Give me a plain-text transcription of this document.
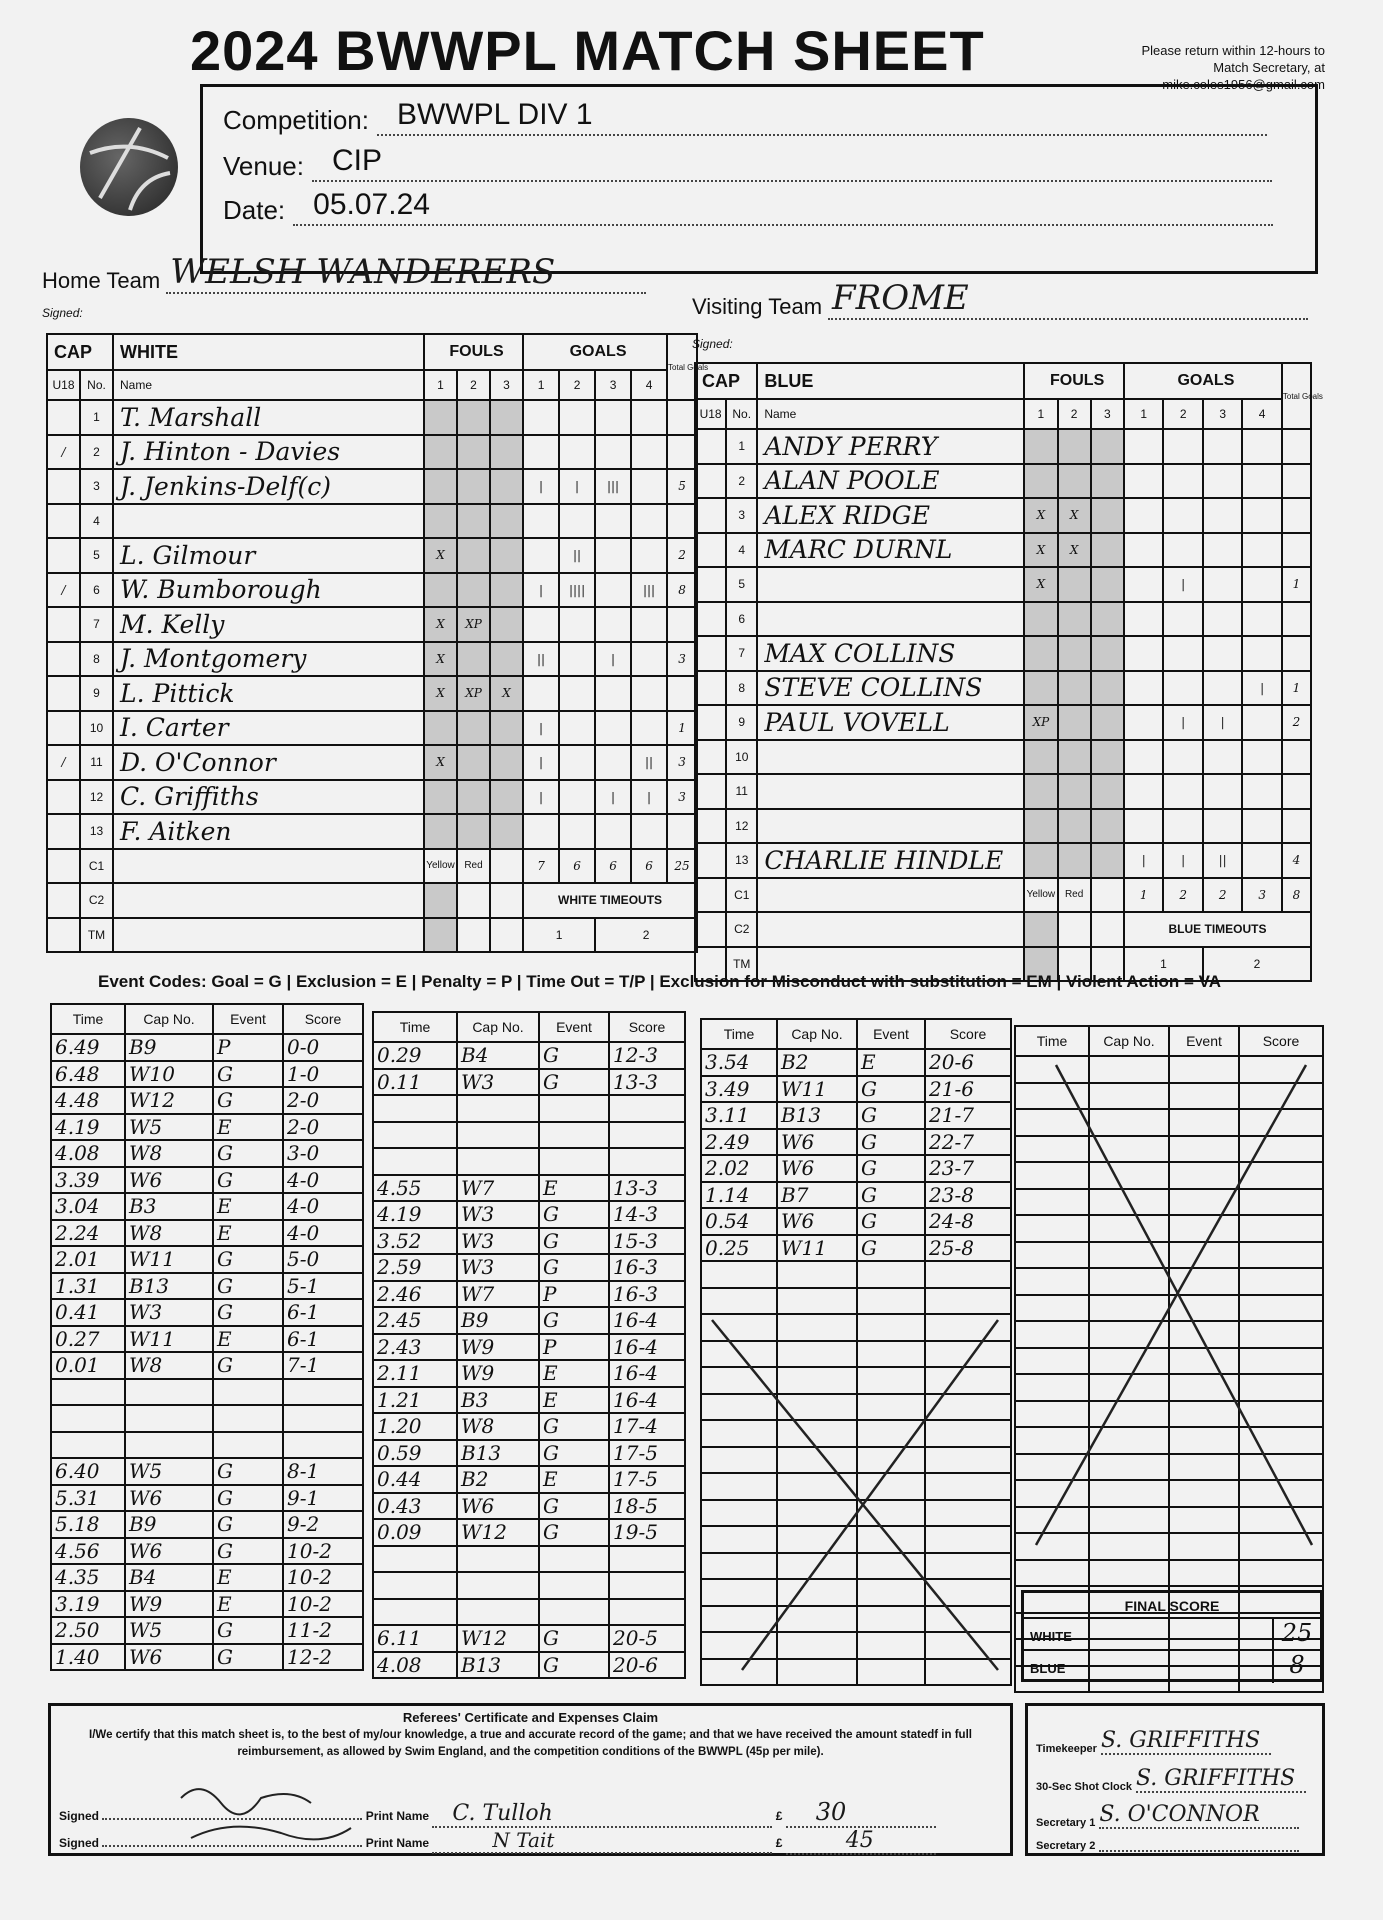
2024 BWWPL MATCH SHEET	Please return within 12-hours to Match Secretary, at mike.coles1956@gmail.com
Competition: BWWPL DIV 1
Venue: CIP
Date: 05.07.24
Home Team WELSH WANDERERS
Signed:	Visiting Team FROME
Signed:
CAP		WHITE	FOULS			GOALS				Total Goals
U18	No.	Name	1	2	3	1	2	3	4	
	1	T. Marshall								
/	2	J. Hinton - Davies								
	3	J. Jenkins-Delf(c)				|	|	|||		5
	4									
	5	L. Gilmour	X				||			2
/	6	W. Bumborough				|	||||		|||	8
	7	M. Kelly	X	XP						
	8	J. Montgomery	X			||		|		3
	9	L. Pittick	X	XP	X					
	10	I. Carter				|				1
/	11	D. O'Connor	X			|			||	3
	12	C. Griffiths				|		|	|	3
	13	F. Aitken								
	C1		Yellow	Red		7	6	6	6	25
	C2					WHITE TIMEOUTS				
	TM					1		2		
CAP		BLUE	FOULS			GOALS				Total Goals
U18	No.	Name	1	2	3	1	2	3	4	
	1	ANDY PERRY								
	2	ALAN POOLE								
	3	ALEX RIDGE	X	X						
	4	MARC DURNL	X	X						
	5		X				|			1
	6									
	7	MAX COLLINS								
	8	STEVE COLLINS							|	1
	9	PAUL VOVELL	XP				|	|		2
	10									
	11									
	12									
	13	CHARLIE HINDLE				|	|	||		4
	C1		Yellow	Red		1	2	2	3	8
	C2					BLUE TIMEOUTS				
	TM					1		2		
Event Codes: Goal = G | Exclusion = E | Penalty = P | Time Out = T/P | Exclusion for Misconduct with substitution = EM | Violent Action = VA
Time	Cap No.	Event	Score
6.49	B9	P	0-0
6.48	W10	G	1-0
4.48	W12	G	2-0
4.19	W5	E	2-0
4.08	W8	G	3-0
3.39	W6	G	4-0
3.04	B3	E	4-0
2.24	W8	E	4-0
2.01	W11	G	5-0
1.31	B13	G	5-1
0.41	W3	G	6-1
0.27	W11	E	6-1
0.01	W8	G	7-1

6.40	W5	G	8-1
5.31	W6	G	9-1
5.18	B9	G	9-2
4.56	W6	G	10-2
4.35	B4	E	10-2
3.19	W9	E	10-2
2.50	W5	G	11-2
1.40	W6	G	12-2
Time	Cap No.	Event	Score
0.29	B4	G	12-3
0.11	W3	G	13-3

4.55	W7	E	13-3
4.19	W3	G	14-3
3.52	W3	G	15-3
2.59	W3	G	16-3
2.46	W7	P	16-3
2.45	B9	G	16-4
2.43	W9	P	16-4
2.11	W9	E	16-4
1.21	B3	E	16-4
1.20	W8	G	17-4
0.59	B13	G	17-5
0.44	B2	E	17-5
0.43	W6	G	18-5
0.09	W12	G	19-5

6.11	W12	G	20-5
4.08	B13	G	20-6
Time	Cap No.	Event	Score
3.54	B2	E	20-6
3.49	W11	G	21-6
3.11	B13	G	21-7
2.49	W6	G	22-7
2.02	W6	G	23-7
1.14	B7	G	23-8
0.54	W6	G	24-8
0.25	W11	G	25-8

Time	Cap No.	Event	Score

FINAL SCORE
WHITE	25
BLUE	8
Referees' Certificate and Expenses Claim
I/We certify that this match sheet is, to the best of my/our knowledge, a true and accurate record of the game; and that we have received the amount statedf in full reimbursement, as allowed by Swim England, and the competition conditions of the BWWPL (45p per mile).
Signed	Print Name C. Tulloh	£ 30
Signed	Print Name	N Tait	£	45
Timekeeper S. GRIFFITHS
30-Sec Shot Clock S. GRIFFITHS
Secretary 1 S. O'CONNOR
Secretary 2
